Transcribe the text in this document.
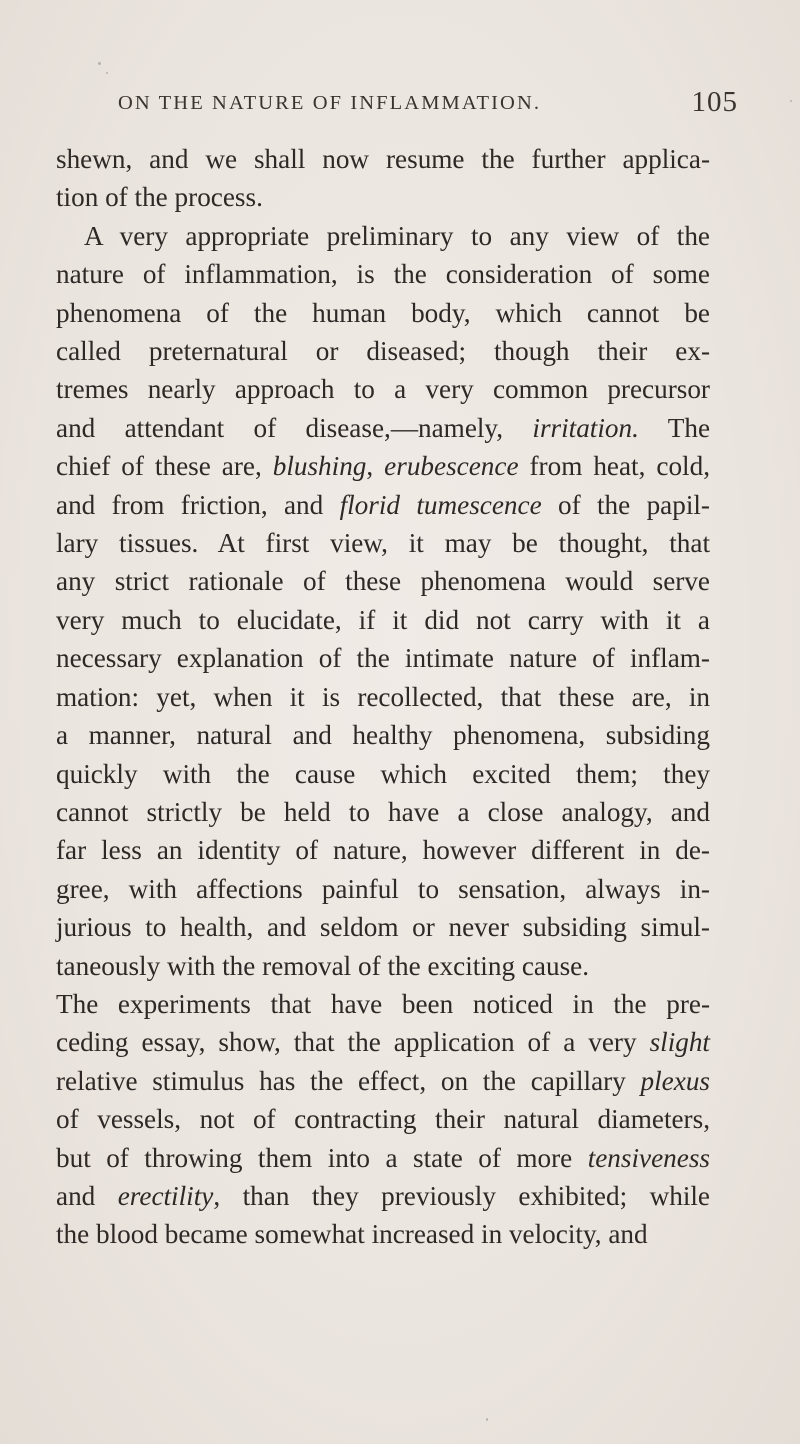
ON THE NATURE OF INFLAMMATION.	105
shewn, and we shall now resume the further applica-
tion of the process.
A very appropriate preliminary to any view of the
nature of inflammation, is the consideration of some
phenomena of the human body, which cannot be
called preternatural or diseased; though their ex-
tremes nearly approach to a very common precursor
and attendant of disease,—namely, irritation. The
chief of these are, blushing, erubescence from heat, cold,
and from friction, and florid tumescence of the papil-
lary tissues. At first view, it may be thought, that
any strict rationale of these phenomena would serve
very much to elucidate, if it did not carry with it a
necessary explanation of the intimate nature of inflam-
mation: yet, when it is recollected, that these are, in
a manner, natural and healthy phenomena, subsiding
quickly with the cause which excited them; they
cannot strictly be held to have a close analogy, and
far less an identity of nature, however different in de-
gree, with affections painful to sensation, always in-
jurious to health, and seldom or never subsiding simul-
taneously with the removal of the exciting cause.
The experiments that have been noticed in the pre-
ceding essay, show, that the application of a very slight
relative stimulus has the effect, on the capillary plexus
of vessels, not of contracting their natural diameters,
but of throwing them into a state of more tensiveness
and erectility, than they previously exhibited; while
the blood became somewhat increased in velocity, and
